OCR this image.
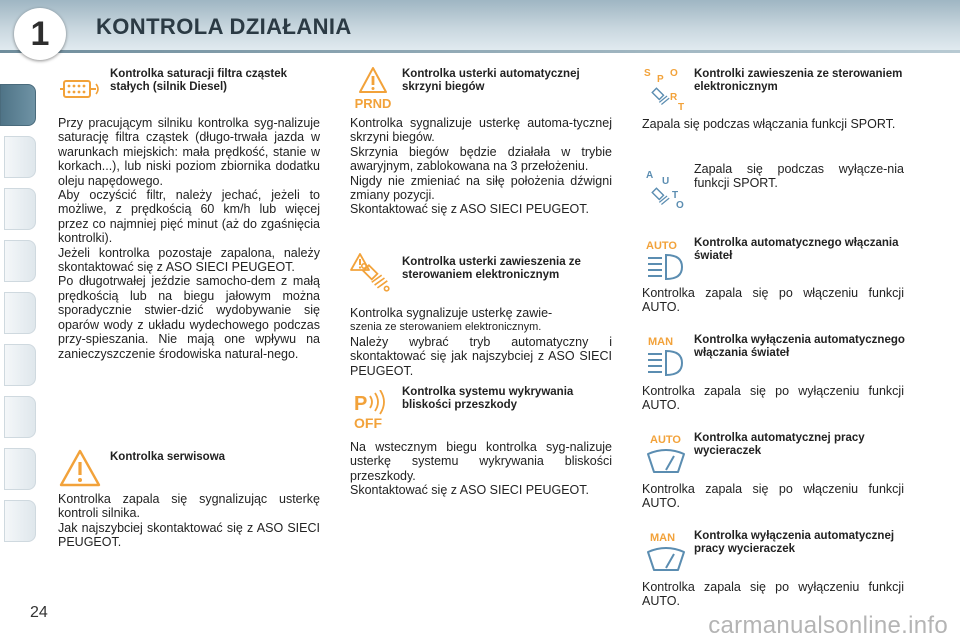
1	KONTROLA DZIAŁANIA
Kontrolka saturacji filtra cząstek stałych (silnik Diesel)
Przy pracującym silniku kontrolka syg-nalizuje saturację filtra cząstek (długo-trwała jazda w warunkach miejskich: mała prędkość, stanie w korkach...), lub niski poziom zbiornika dodatku oleju napędowego.
Aby oczyścić filtr, należy jechać, jeżeli to możliwe, z prędkością 60 km/h lub więcej przez co najmniej pięć minut (aż do zgaśnięcia kontrolki).
Jeżeli kontrolka pozostaje zapalona, należy skontaktować się z ASO SIECI PEUGEOT.
Po długotrwałej jeździe samocho-dem z małą prędkością lub na biegu jałowym można sporadycznie stwier-dzić wydobywanie się oparów wody z układu wydechowego podczas przy-spieszania. Nie mają one wpływu na zanieczyszczenie środowiska natural-nego.
Kontrolka serwisowa
Kontrolka zapala się sygnalizując usterkę kontroli silnika.
Jak najszybciej skontaktować się z ASO SIECI PEUGEOT.
PRND
Kontrolka usterki automatycznej skrzyni biegów
Kontrolka sygnalizuje usterkę automa-tycznej skrzyni biegów.
Skrzynia biegów będzie działała w trybie awaryjnym, zablokowana na 3 przełożeniu.
Nigdy nie zmieniać na siłę położenia dźwigni zmiany pozycji.
Skontaktować się z ASO SIECI PEUGEOT.
Kontrolka usterki zawieszenia ze sterowaniem elektronicznym
Kontrolka sygnalizuje usterkę zawie-
szenia ze sterowaniem elektronicznym.
Należy wybrać tryb automatyczny i skontaktować się jak najszybciej z ASO SIECI PEUGEOT.
P
OFF
Kontrolka systemu wykrywania bliskości przeszkody
Na wstecznym biegu kontrolka syg-nalizuje usterkę systemu wykrywania bliskości przeszkody.
Skontaktować się z ASO SIECI PEUGEOT.
S
P
O
R
T
Kontrolki zawieszenia ze sterowaniem elektronicznym
Zapala się podczas włączania funkcji SPORT.
A
U
T
O
Zapala się podczas wyłącze-nia funkcji SPORT.
AUTO Kontrolka automatycznego włączania świateł
Kontrolka zapala się po włączeniu funkcji AUTO.
MAN Kontrolka wyłączenia automatycznego włączania świateł
Kontrolka zapala się po wyłączeniu funkcji AUTO.
AUTO Kontrolka automatycznej pracy wycieraczek
Kontrolka zapala się po włączeniu funkcji AUTO.
MAN Kontrolka wyłączenia automatycznej pracy wycieraczek
Kontrolka zapala się po wyłączeniu funkcji AUTO.
24	carmanualsonline.info
